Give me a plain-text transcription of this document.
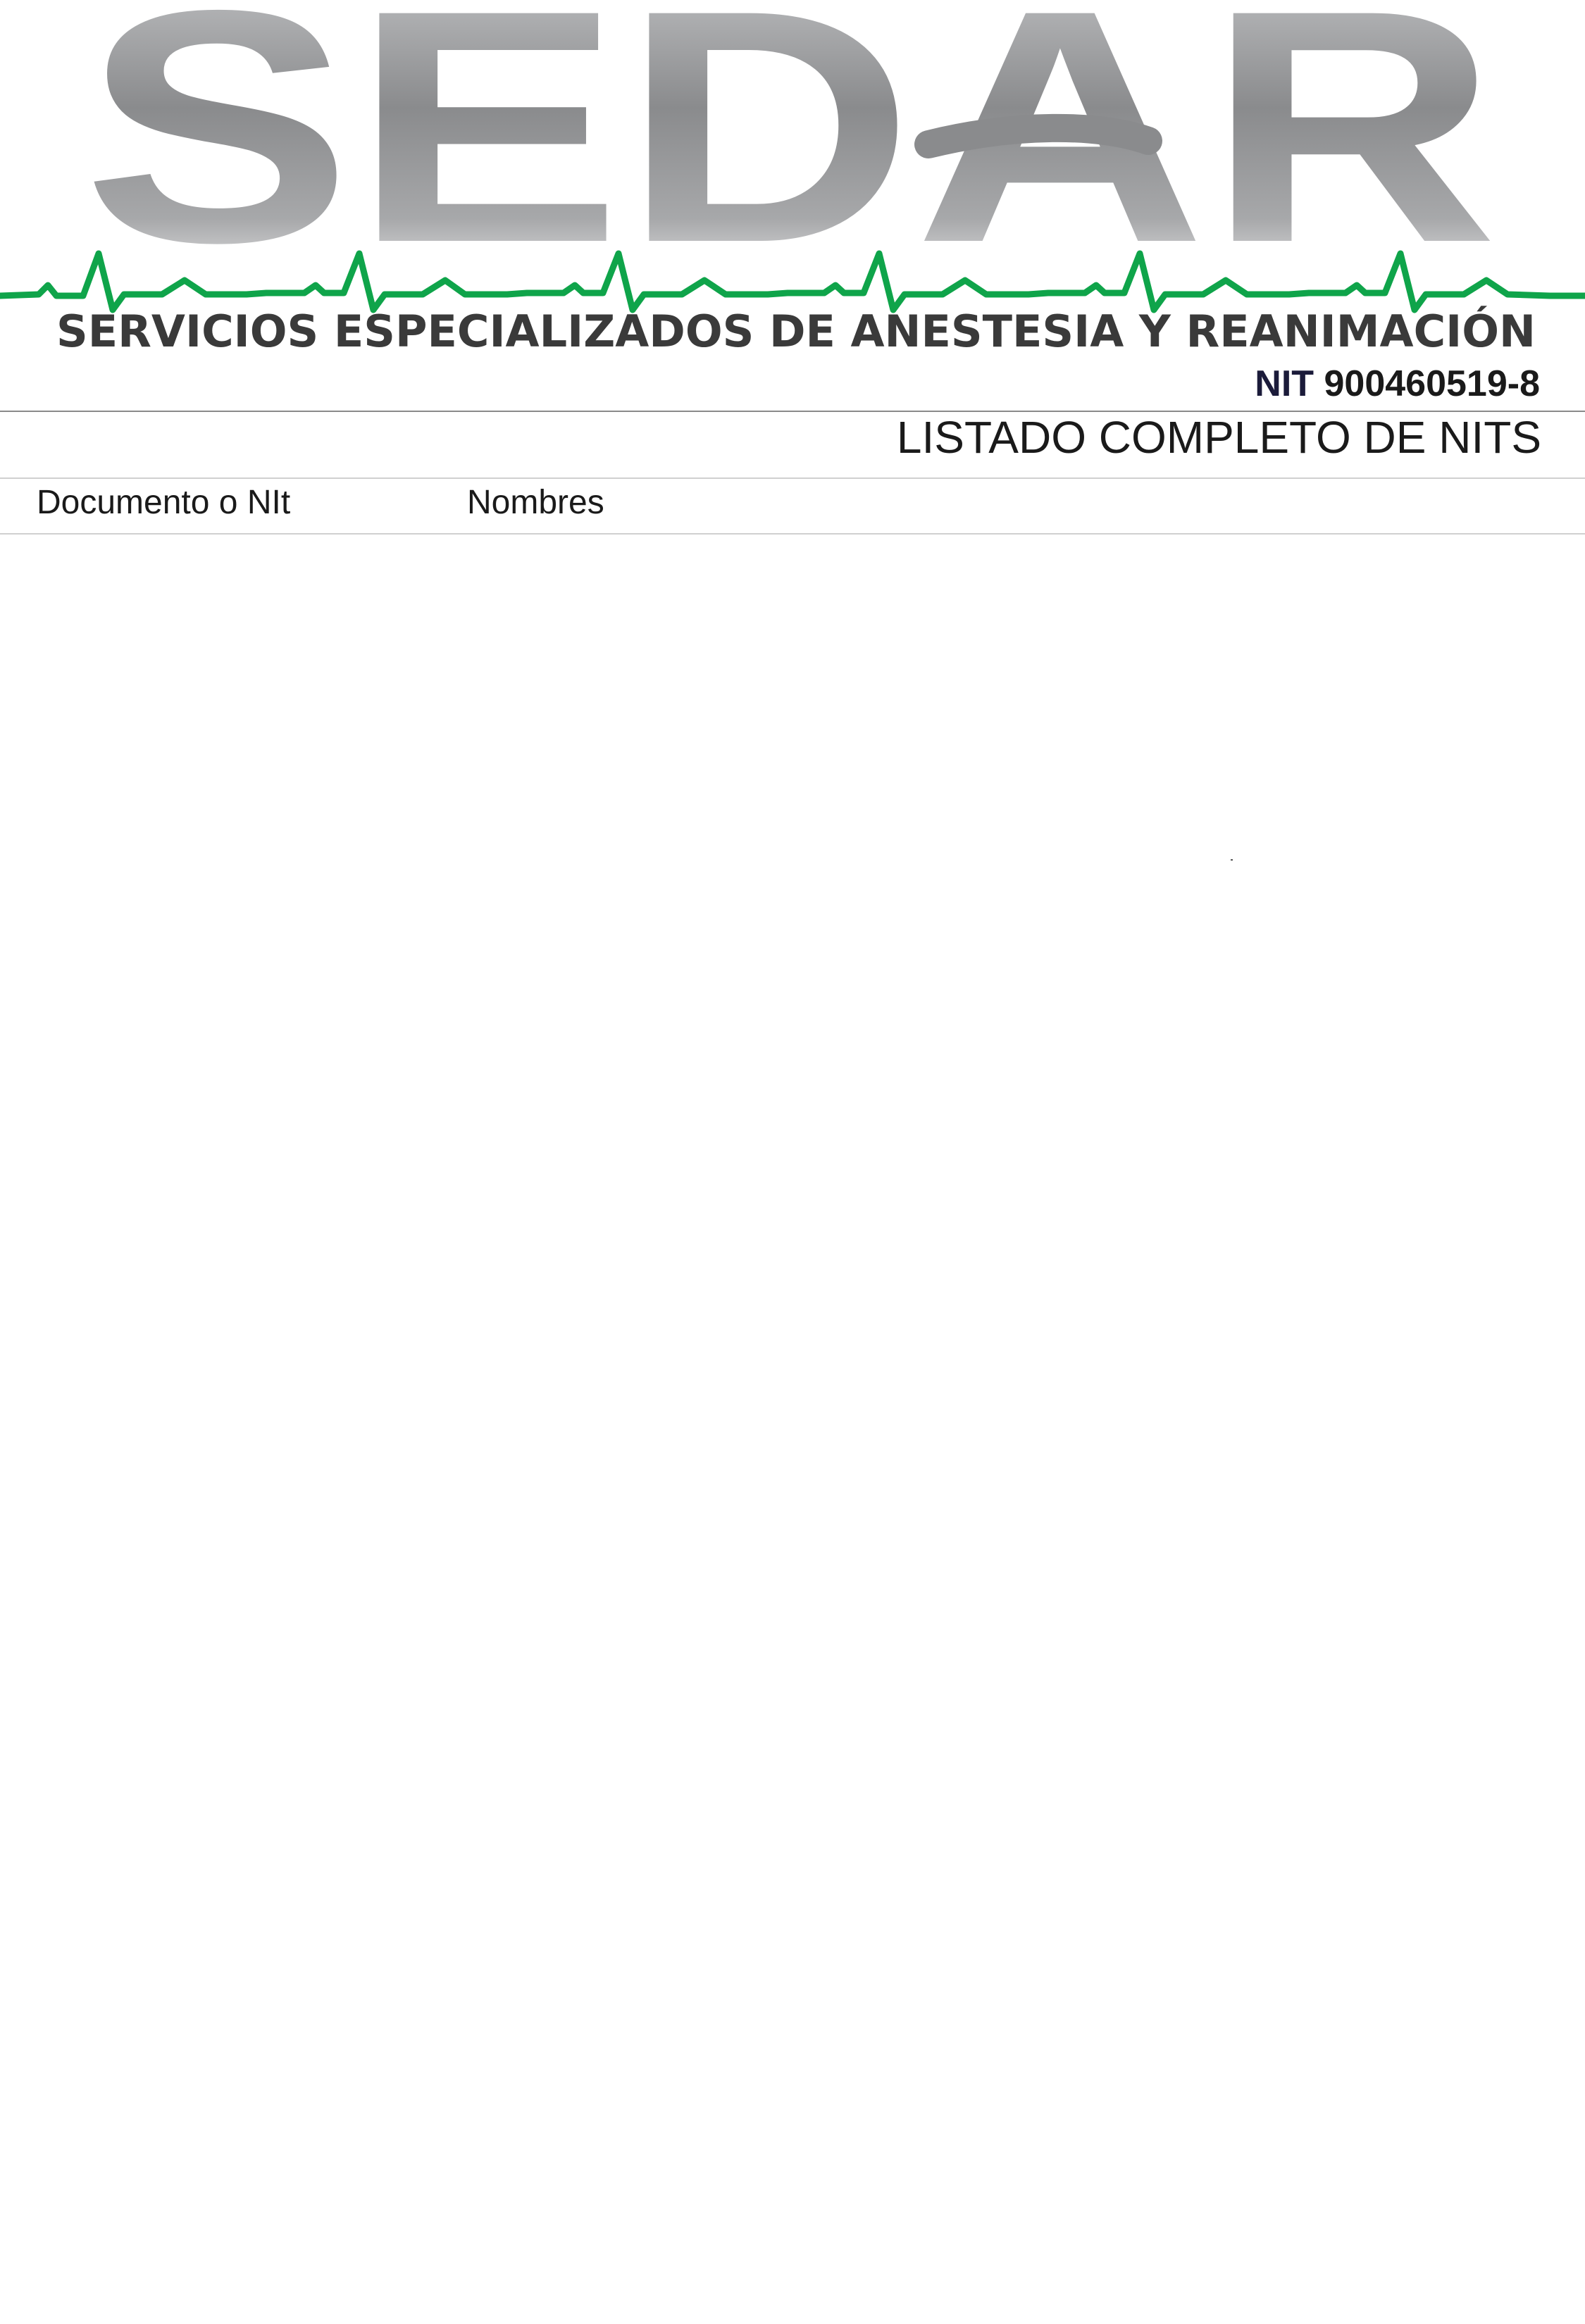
SEDAR
SERVICIOS ESPECIALIZADOS DE ANESTESIA Y REANIMACIÓN
NIT 900460519-8
LISTADO COMPLETO DE NITS
Documento o NIt	Nombres
